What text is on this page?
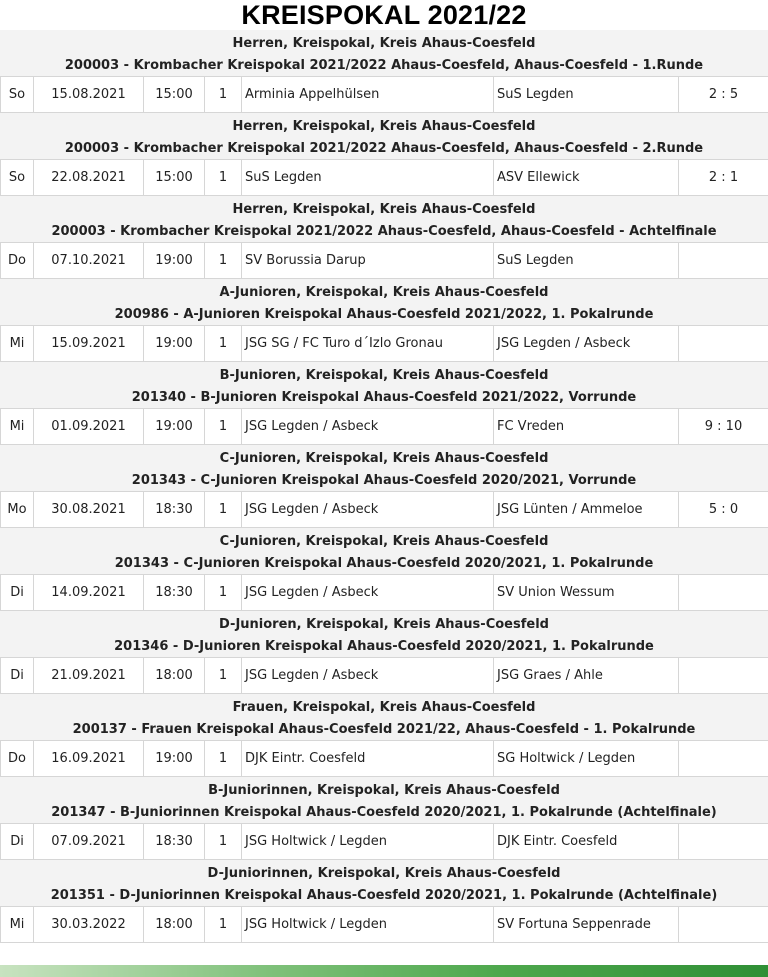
KREISPOKAL 2021/22
Herren, Kreispokal, Kreis Ahaus-Coesfeld
200003 - Krombacher Kreispokal 2021/2022 Ahaus-Coesfeld, Ahaus-Coesfeld - 1.Runde
So	15.08.2021	15:00	1	Arminia Appelhülsen	SuS Legden	2 : 5
Herren, Kreispokal, Kreis Ahaus-Coesfeld
200003 - Krombacher Kreispokal 2021/2022 Ahaus-Coesfeld, Ahaus-Coesfeld - 2.Runde
So	22.08.2021	15:00	1	SuS Legden	ASV Ellewick	2 : 1
Herren, Kreispokal, Kreis Ahaus-Coesfeld
200003 - Krombacher Kreispokal 2021/2022 Ahaus-Coesfeld, Ahaus-Coesfeld - Achtelfinale
Do	07.10.2021	19:00	1	SV Borussia Darup	SuS Legden	
A-Junioren, Kreispokal, Kreis Ahaus-Coesfeld
200986 - A-Junioren Kreispokal Ahaus-Coesfeld 2021/2022, 1. Pokalrunde
Mi	15.09.2021	19:00	1	JSG SG / FC Turo d´Izlo Gronau	JSG Legden / Asbeck	
B-Junioren, Kreispokal, Kreis Ahaus-Coesfeld
201340 - B-Junioren Kreispokal Ahaus-Coesfeld 2021/2022, Vorrunde
Mi	01.09.2021	19:00	1	JSG Legden / Asbeck	FC Vreden	9 : 10
C-Junioren, Kreispokal, Kreis Ahaus-Coesfeld
201343 - C-Junioren Kreispokal Ahaus-Coesfeld 2020/2021, Vorrunde
Mo	30.08.2021	18:30	1	JSG Legden / Asbeck	JSG Lünten / Ammeloe	5 : 0
C-Junioren, Kreispokal, Kreis Ahaus-Coesfeld
201343 - C-Junioren Kreispokal Ahaus-Coesfeld 2020/2021, 1. Pokalrunde
Di	14.09.2021	18:30	1	JSG Legden / Asbeck	SV Union Wessum	
D-Junioren, Kreispokal, Kreis Ahaus-Coesfeld
201346 - D-Junioren Kreispokal Ahaus-Coesfeld 2020/2021, 1. Pokalrunde
Di	21.09.2021	18:00	1	JSG Legden / Asbeck	JSG Graes / Ahle	
Frauen, Kreispokal, Kreis Ahaus-Coesfeld
200137 - Frauen Kreispokal Ahaus-Coesfeld 2021/22, Ahaus-Coesfeld - 1. Pokalrunde
Do	16.09.2021	19:00	1	DJK Eintr. Coesfeld	SG Holtwick / Legden	
B-Juniorinnen, Kreispokal, Kreis Ahaus-Coesfeld
201347 - B-Juniorinnen Kreispokal Ahaus-Coesfeld 2020/2021, 1. Pokalrunde (Achtelfinale)
Di	07.09.2021	18:30	1	JSG Holtwick / Legden	DJK Eintr. Coesfeld	
D-Juniorinnen, Kreispokal, Kreis Ahaus-Coesfeld
201351 - D-Juniorinnen Kreispokal Ahaus-Coesfeld 2020/2021, 1. Pokalrunde (Achtelfinale)
Mi	30.03.2022	18:00	1	JSG Holtwick / Legden	SV Fortuna Seppenrade	
